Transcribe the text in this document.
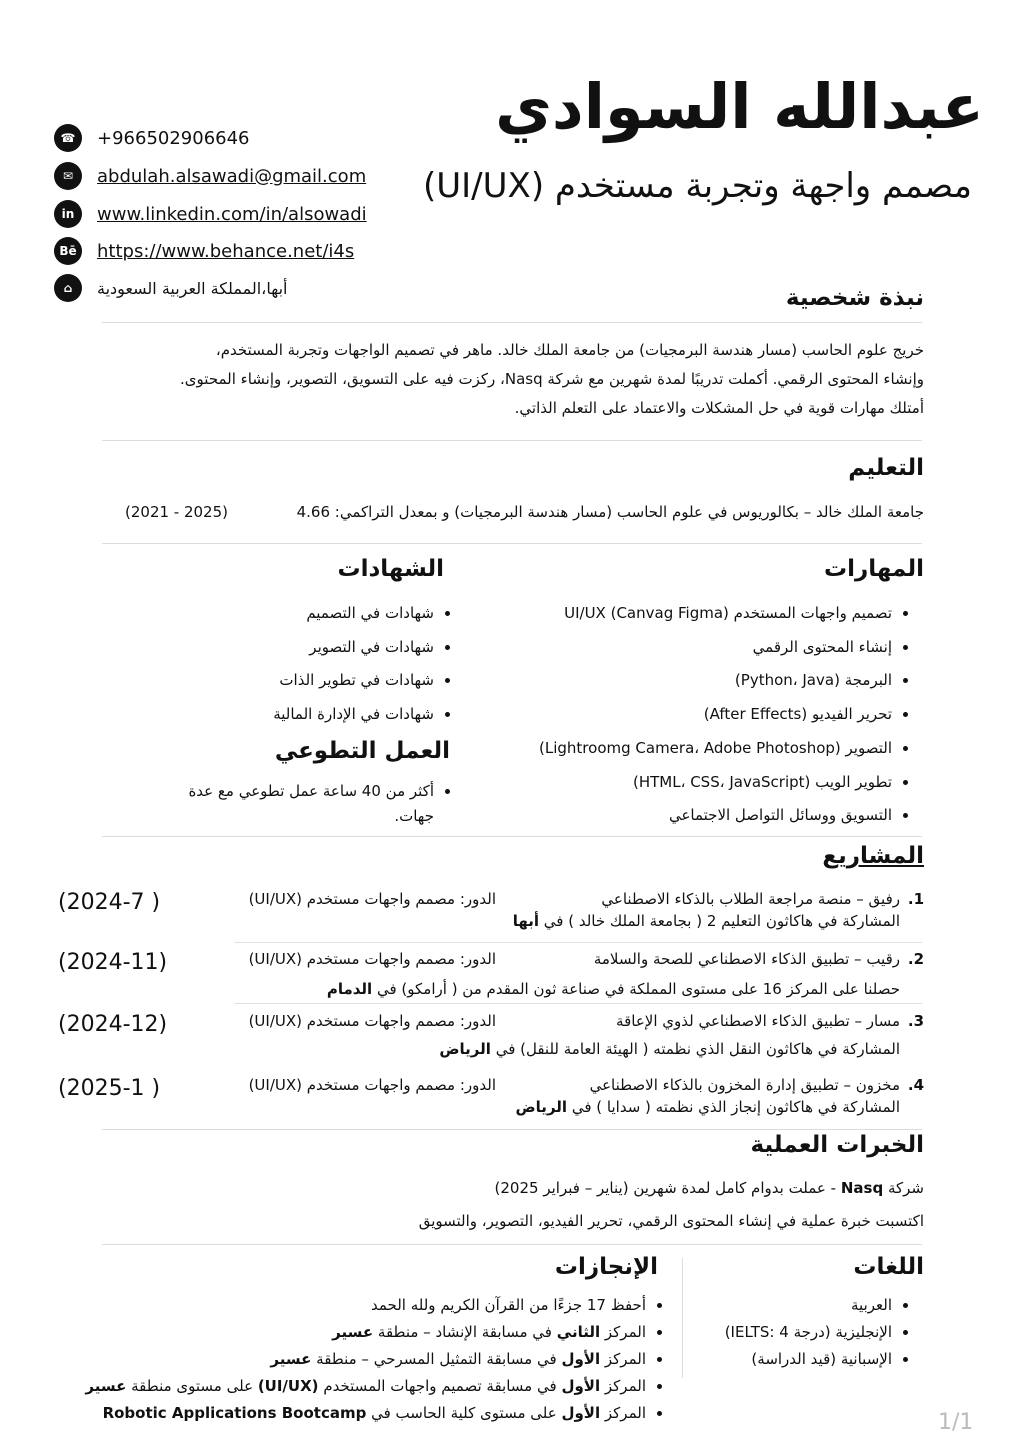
عبدالله السوادي
مصمم واجهة وتجربة مستخدم (UI/UX)
☎	+966502906646
✉	abdulah.alsawadi@gmail.com
in	www.linkedin.com/in/alsowadi
Bē https://www.behance.net/i4s
⌂	أبها،المملكة العربية السعودية	نبذة شخصية
خريج علوم الحاسب (مسار هندسة البرمجيات) من جامعة الملك خالد. ماهر في تصميم الواجهات وتجربة المستخدم،
وإنشاء المحتوى الرقمي. أكملت تدريبًا لمدة شهرين مع شركة Nasq، ركزت فيه على التسويق، التصوير، وإنشاء المحتوى.
أمتلك مهارات قوية في حل المشكلات والاعتماد على التعلم الذاتي.
التعليم
جامعة الملك خالد – بكالوريوس في علوم الحاسب (مسار هندسة البرمجيات) و بمعدل التراكمي: 4.66
(2021 - 2025)
المهارات
• تصميم واجهات المستخدم UI/UX (Canvag Figma)
• إنشاء المحتوى الرقمي
• البرمجة (Python، Java)
• تحرير الفيديو (After Effects)
• التصوير (Lightroomg Camera، Adobe Photoshop)
• تطوير الويب (HTML، CSS، JavaScript)
• التسويق ووسائل التواصل الاجتماعي
الشهادات
• شهادات في التصميم
• شهادات في التصوير
• شهادات في تطوير الذات
• شهادات في الإدارة المالية
العمل التطوعي
• أكثر من 40 ساعة عمل تطوعي مع عدة
جهات.
المشاريع
1.
رفيق – منصة مراجعة الطلاب بالذكاء الاصطناعي
الدور: مصمم واجهات مستخدم (UI/UX)
المشاركة في هاكاثون التعليم 2 ( بجامعة الملك خالد ) في أبها
(2024-7 )
2.
رقيب – تطبيق الذكاء الاصطناعي للصحة والسلامة
الدور: مصمم واجهات مستخدم (UI/UX)
حصلنا على المركز 16 على مستوى المملكة في صناعة ثون المقدم من ( أرامكو) في الدمام
(2024-11)
3.
مسار – تطبيق الذكاء الاصطناعي لذوي الإعاقة
الدور: مصمم واجهات مستخدم (UI/UX)
المشاركة في هاكاثون النقل الذي نظمته ( الهيئة العامة للنقل) في الرياض
(2024-12)
4.
مخزون – تطبيق إدارة المخزون بالذكاء الاصطناعي
الدور: مصمم واجهات مستخدم (UI/UX)
المشاركة في هاكاثون إنجاز الذي نظمته ( سدايا ) في الرياض
(2025-1 )
الخبرات العملية
شركة Nasq - عملت بدوام كامل لمدة شهرين (يناير – فبراير 2025)
اكتسبت خبرة عملية في إنشاء المحتوى الرقمي، تحرير الفيديو، التصوير، والتسويق
اللغات
• العربية
• الإنجليزية (درجة IELTS: 4)
• الإسبانية (قيد الدراسة)
الإنجازات
• أحفظ 17 جزءًا من القرآن الكريم ولله الحمد
• المركز الثاني في مسابقة الإنشاد – منطقة عسير
• المركز الأول في مسابقة التمثيل المسرحي – منطقة عسير
• المركز الأول في مسابقة تصميم واجهات المستخدم (UI/UX) على مستوى منطقة عسير
• المركز الأول على مستوى كلية الحاسب في Robotic Applications Bootcamp	1/1
